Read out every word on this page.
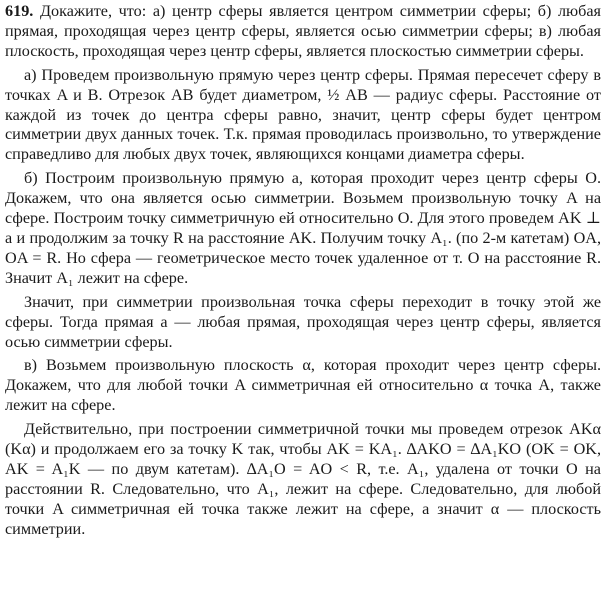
619. Докажите, что: а) центр сферы является центром симметрии сферы; б) любая прямая, проходящая через центр сферы, является осью симметрии сферы; в) любая плоскость, проходящая через центр сферы, является плоскостью симметрии сферы.

а) Проведем произвольную прямую через центр сферы. Прямая пересечет сферу в точках A и B. Отрезок AB будет диаметром, ½ AB — радиус сферы. Расстояние от каждой из точек до центра сферы равно, значит, центр сферы будет центром симметрии двух данных точек. Т.к. прямая проводилась произвольно, то утверждение справедливо для любых двух точек, являющихся концами диаметра сферы.

б) Построим произвольную прямую a, которая проходит через центр сферы O. Докажем, что она является осью симметрии. Возьмем произвольную точку A на сфере. Построим точку симметричную ей относительно O. Для этого проведем AK ⊥ a и продолжим за точку R на расстояние AK. Получим точку A₁. (по 2-м катетам) OA, OA = R. Но сфера — геометрическое место точек удаленное от т. O на расстояние R. Значит A₁ лежит на сфере.

Значит, при симметрии произвольная точка сферы переходит в точку этой же сферы. Тогда прямая a — любая прямая, проходящая через центр сферы, является осью симметрии сферы.

в) Возьмем произвольную плоскость α, которая проходит через центр сферы. Докажем, что для любой точки A симметричная ей относительно α точка A, также лежит на сфере.

Действительно, при построении симметричной точки мы проведем отрезок AKα (Kα) и продолжаем его за точку K так, чтобы AK = KA₁. ∆AKO = ∆A₁KO (OK = OK, AK = A₁K — по двум катетам). ∆A₁O = AO < R, т.е. A₁, удалена от точки O на расстоянии R. Следовательно, что A₁, лежит на сфере. Следовательно, для любой точки A симметричная ей точка также лежит на сфере, а значит α — плоскость симметрии.
